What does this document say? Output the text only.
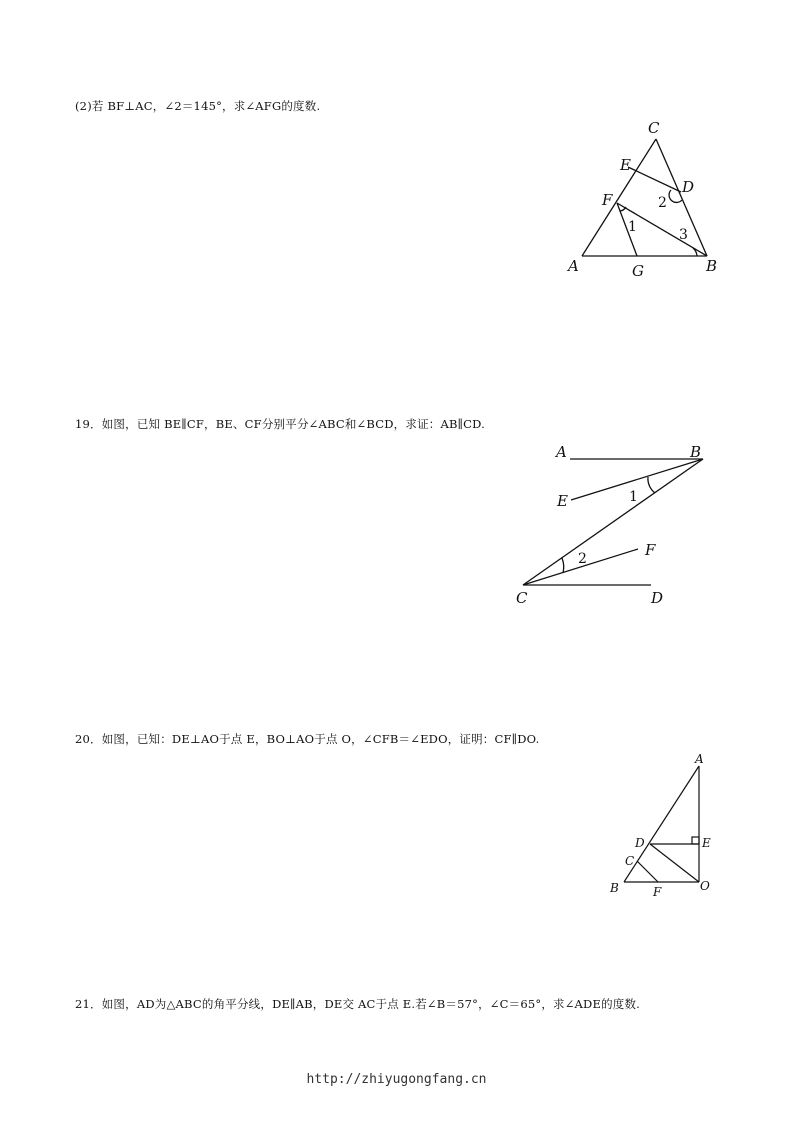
(2)若 BF⊥AC，∠2＝145°，求∠AFG的度数.
C
E
D
F
A	G	B
1
2
3
19．如图，已知 BE∥CF，BE、CF分别平分∠ABC和∠BCD，求证：AB∥CD.
A	B
E
F
C	D
1
2
20．如图，已知：DE⊥AO于点 E，BO⊥AO于点 O，∠CFB＝∠EDO，证明：CF∥DO.
A
D	E
C
B	F	O
21．如图，AD为△ABC的角平分线，DE∥AB，DE交 AC于点 E.若∠B＝57°，∠C＝65°，求∠ADE的度数.
http://zhiyugongfang.cn
